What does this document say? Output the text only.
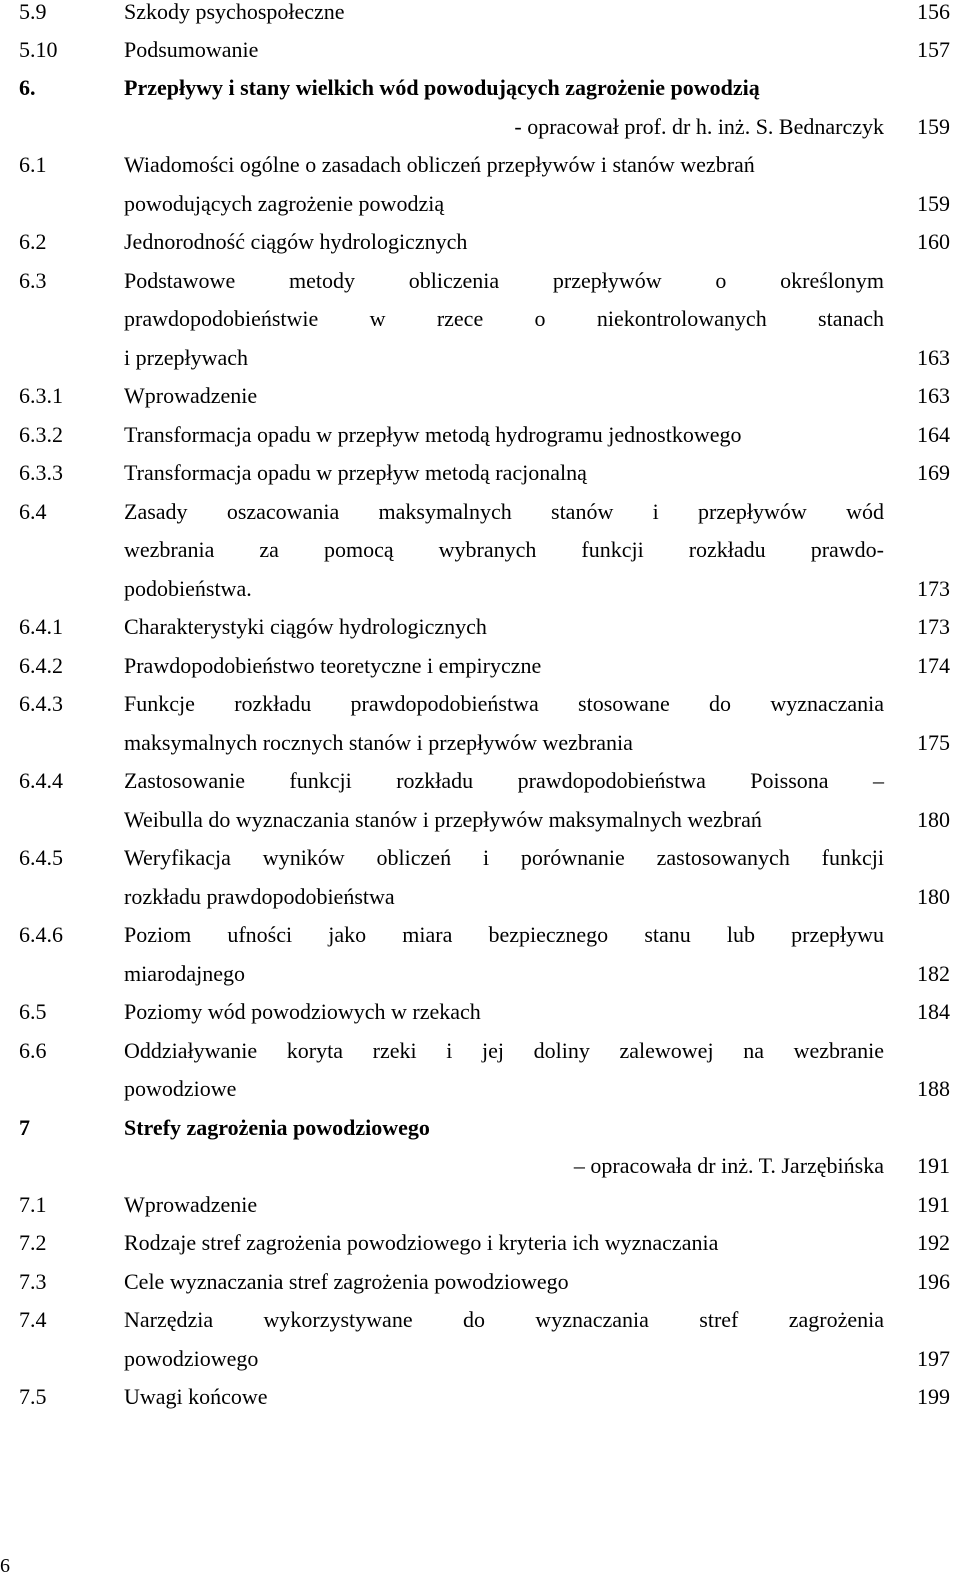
5.9	Szkody psychospołeczne	156
5.10	Podsumowanie	157
6.	Przepływy i stany wielkich wód powodujących zagrożenie powodzią
- opracował prof. dr h. inż. S. Bednarczyk 159
6.1	Wiadomości ogólne o zasadach obliczeń przepływów i stanów wezbrań
powodujących zagrożenie powodzią	159
6.2	Jednorodność ciągów hydrologicznych	160
6.3	Podstawowe metody obliczenia przepływów o określonym
prawdopodobieństwie w rzece o niekontrolowanych stanach
i przepływach	163
6.3.1	Wprowadzenie	163
6.3.2	Transformacja opadu w przepływ metodą hydrogramu jednostkowego	164
6.3.3	Transformacja opadu w przepływ metodą racjonalną	169
6.4	Zasady oszacowania maksymalnych stanów i przepływów wód
wezbrania za pomocą wybranych funkcji rozkładu prawdo-
podobieństwa.	173
6.4.1	Charakterystyki ciągów hydrologicznych	173
6.4.2	Prawdopodobieństwo teoretyczne i empiryczne	174
6.4.3	Funkcje rozkładu prawdopodobieństwa stosowane do wyznaczania
maksymalnych rocznych stanów i przepływów wezbrania	175
6.4.4	Zastosowanie funkcji rozkładu prawdopodobieństwa Poissona –
Weibulla do wyznaczania stanów i przepływów maksymalnych wezbrań	180
6.4.5	Weryfikacja wyników obliczeń i porównanie zastosowanych funkcji
rozkładu prawdopodobieństwa	180
6.4.6	Poziom ufności jako miara bezpiecznego stanu lub przepływu
miarodajnego	182
6.5	Poziomy wód powodziowych w rzekach	184
6.6	Oddziaływanie koryta rzeki i jej doliny zalewowej na wezbranie
powodziowe	188
7	Strefy zagrożenia powodziowego
– opracowała dr inż. T. Jarzębińska 191
7.1	Wprowadzenie	191
7.2	Rodzaje stref zagrożenia powodziowego i kryteria ich wyznaczania	192
7.3	Cele wyznaczania stref zagrożenia powodziowego	196
7.4	Narzędzia wykorzystywane do wyznaczania stref zagrożenia
powodziowego	197
7.5	Uwagi końcowe	199
6
